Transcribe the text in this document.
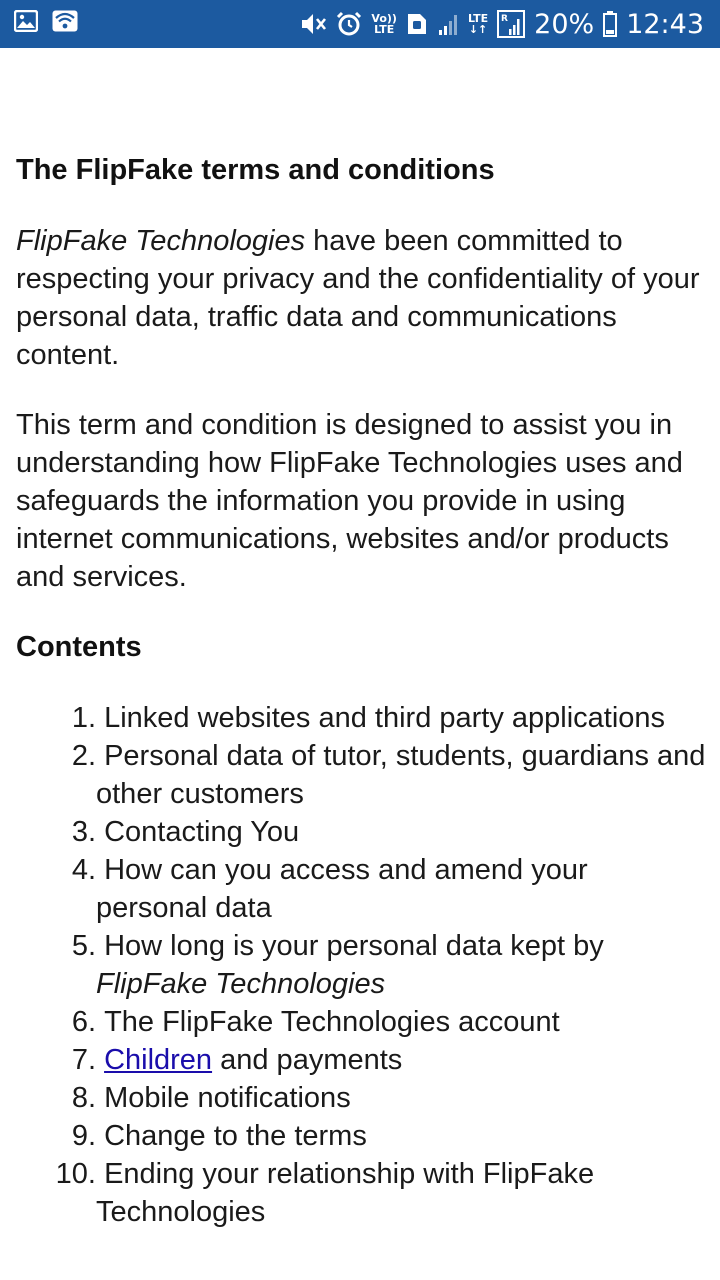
Vo))
LTE
LTE
↓↑
R 20% 12:43
The FlipFake terms and conditions

FlipFake Technologies have been committed to respecting your privacy and the confidentiality of your personal data, traffic data and communications content.

This term and condition is designed to assist you in understanding how FlipFake Technologies uses and safeguards the information you provide in using internet communications, websites and/or products and services.

Contents
1. Linked websites and third party applications
2. Personal data of tutor, students, guardians and other customers
3. Contacting You
4. How can you access and amend your personal data
5. How long is your personal data kept by FlipFake Technologies
6. The FlipFake Technologies account
7. Children and payments
8. Mobile notifications
9. Change to the terms
10. Ending your relationship with FlipFake Technologies
